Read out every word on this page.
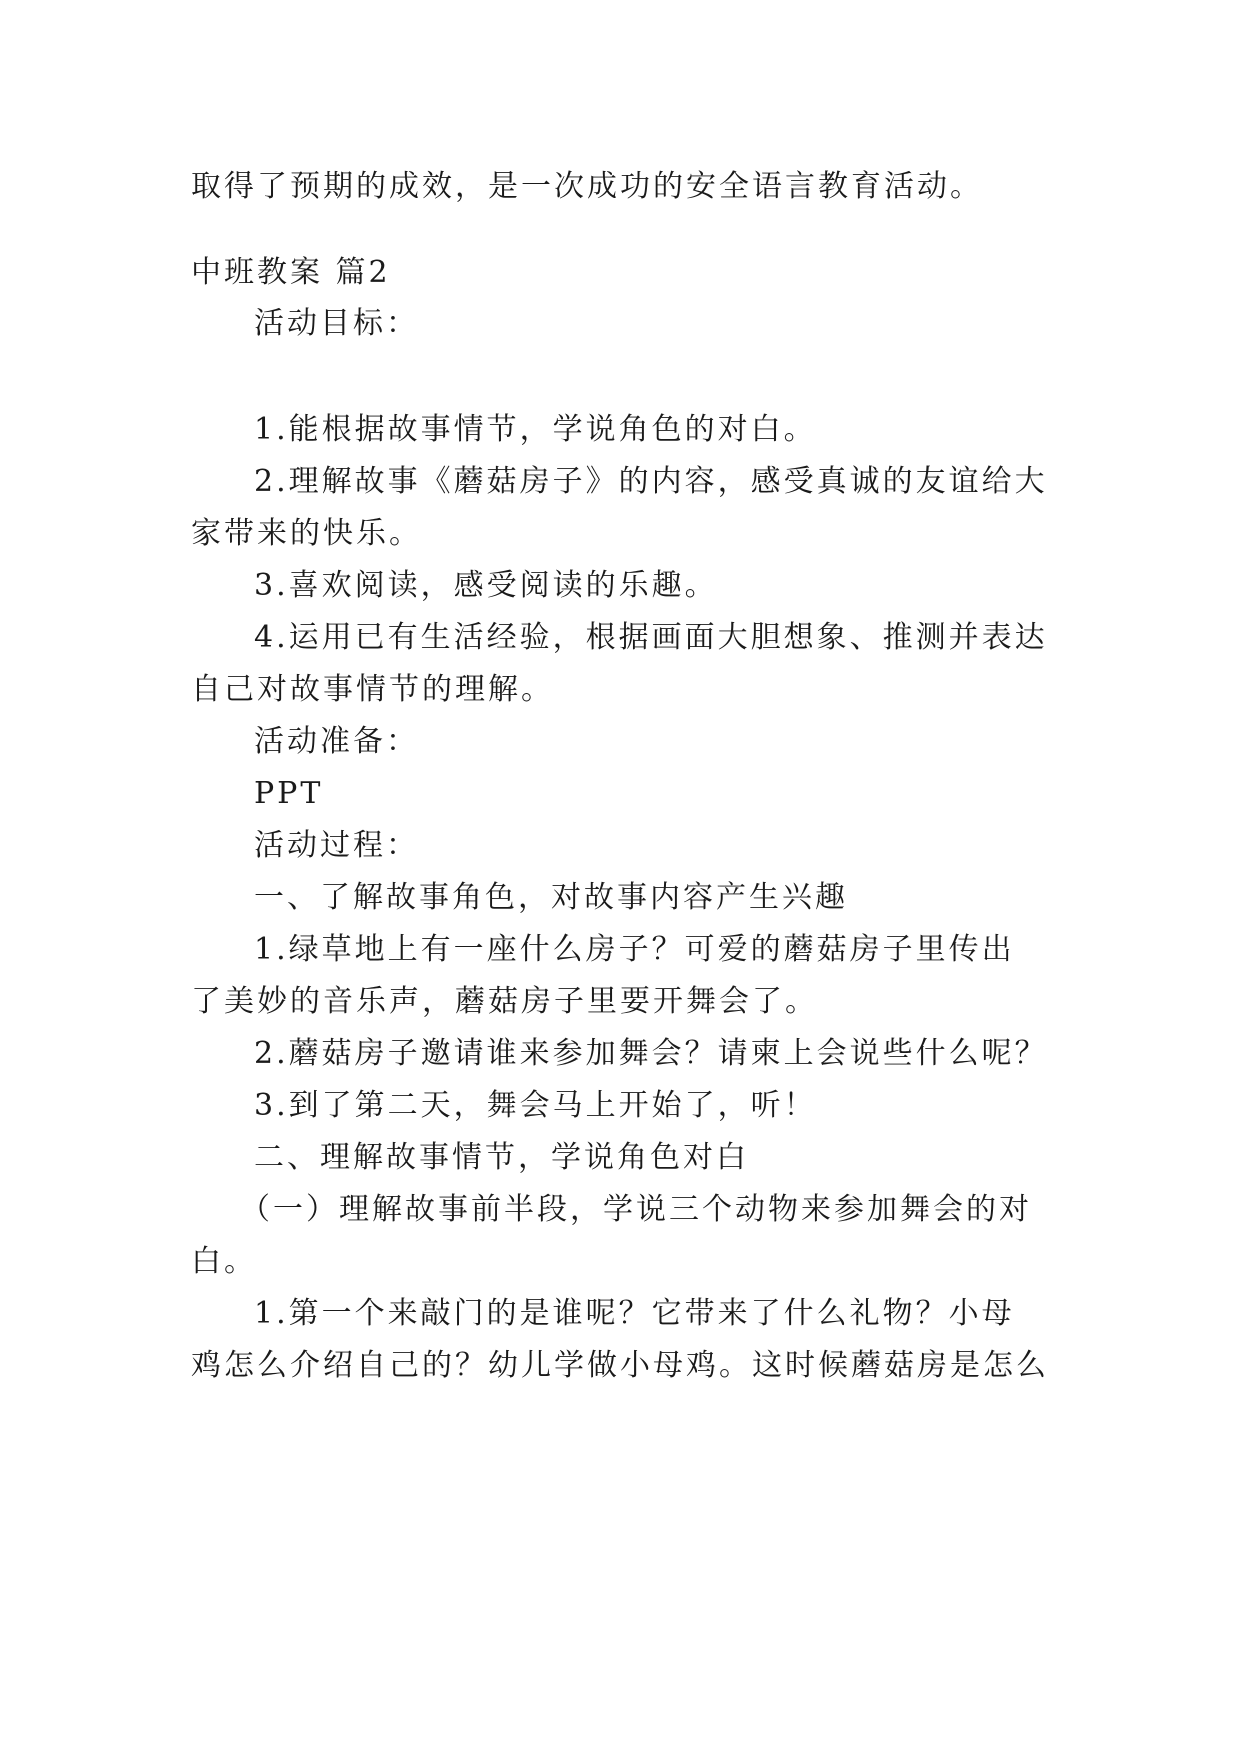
取得了预期的成效，是一次成功的安全语言教育活动。

中班教案 篇2

活动目标：

1.能根据故事情节，学说角色的对白。

2.理解故事《蘑菇房子》的内容，感受真诚的友谊给大

家带来的快乐。

3.喜欢阅读，感受阅读的乐趣。

4.运用已有生活经验，根据画面大胆想象、推测并表达

自己对故事情节的理解。

活动准备：

PPT

活动过程：

一、了解故事角色，对故事内容产生兴趣

1.绿草地上有一座什么房子？可爱的蘑菇房子里传出

了美妙的音乐声，蘑菇房子里要开舞会了。

2.蘑菇房子邀请谁来参加舞会？请柬上会说些什么呢？

3.到了第二天，舞会马上开始了，听！

二、理解故事情节，学说角色对白

（一）理解故事前半段，学说三个动物来参加舞会的对

白。

1.第一个来敲门的是谁呢？它带来了什么礼物？小母

鸡怎么介绍自己的？幼儿学做小母鸡。这时候蘑菇房是怎么
